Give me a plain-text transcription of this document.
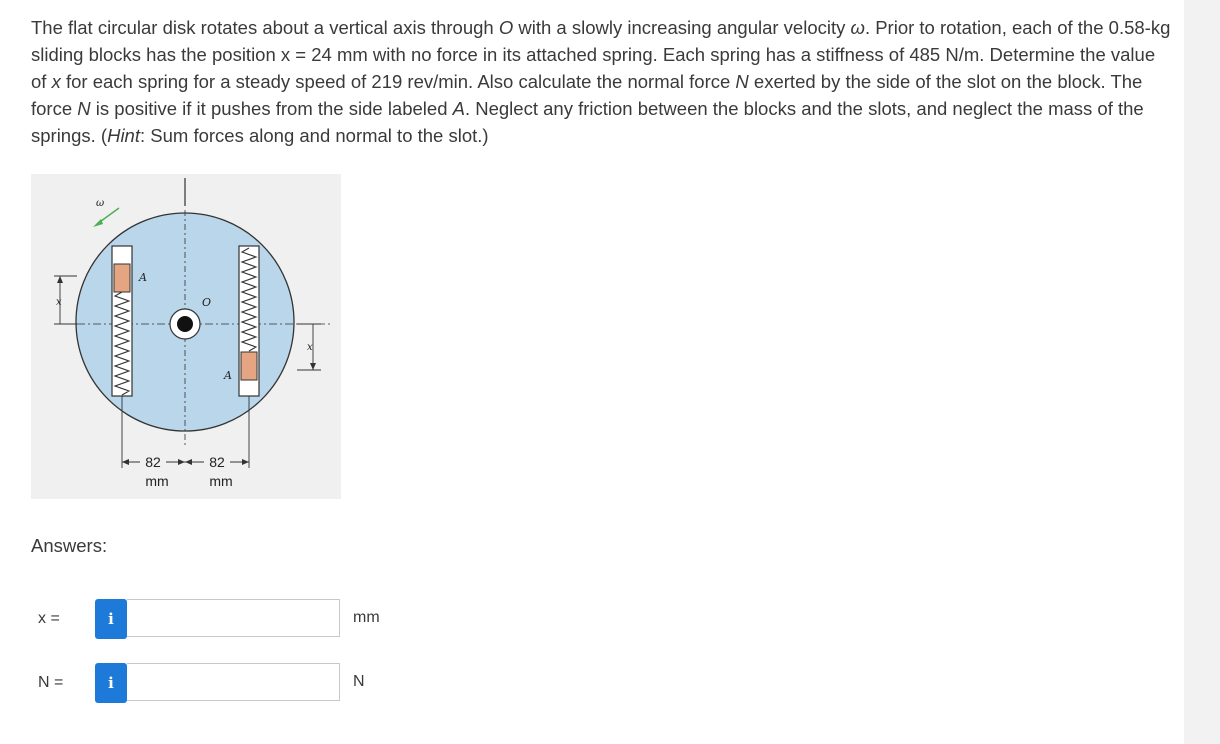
The flat circular disk rotates about a vertical axis through O with a slowly increasing angular velocity ω. Prior to rotation, each of the 0.58-kg sliding blocks has the position x = 24 mm with no force in its attached spring. Each spring has a stiffness of 485 N/m. Determine the value of x for each spring for a steady speed of 219 rev/min. Also calculate the normal force N exerted by the side of the slot on the block. The force N is positive if it pushes from the side labeled A. Neglect any friction between the blocks and the slots, and neglect the mass of the springs. (Hint: Sum forces along and normal to the slot.)
A
A
O
ω
x
x
82	82
mm	mm
Answers:
x =	i	mm
N =	i	N
